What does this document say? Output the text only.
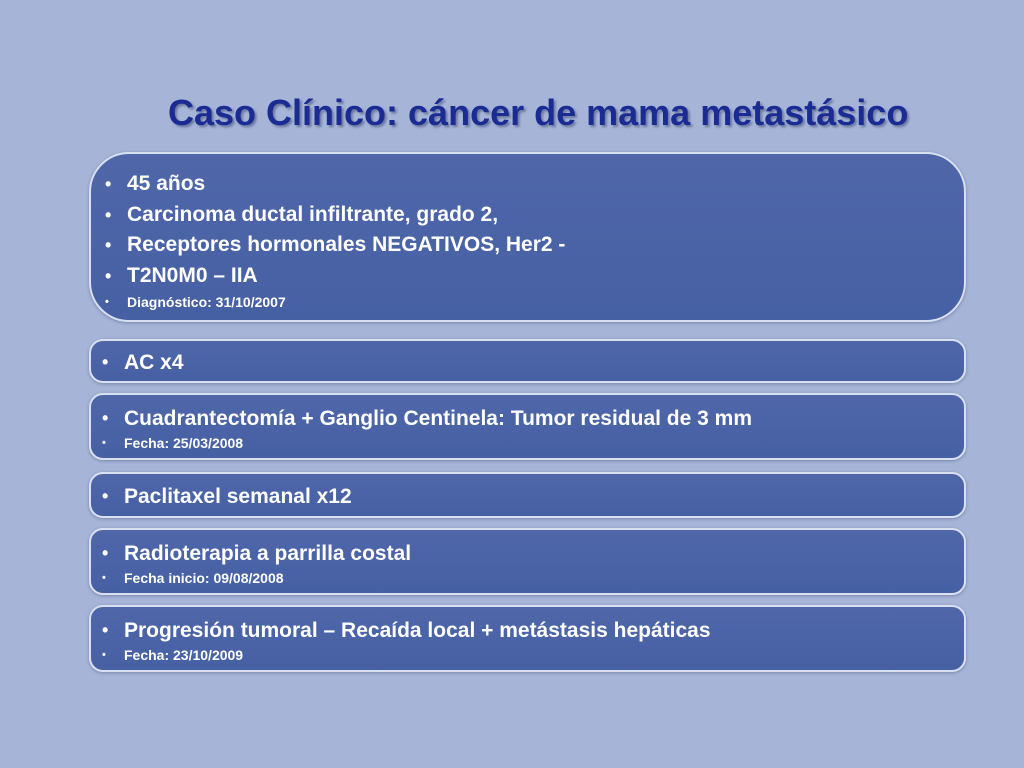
Caso Clínico: cáncer de mama metastásico
• 45 años
• Carcinoma ductal infiltrante, grado 2,
• Receptores hormonales NEGATIVOS, Her2 -
• T2N0M0 – IIA
• Diagnóstico: 31/10/2007
• AC x4
• Cuadrantectomía + Ganglio Centinela: Tumor residual de 3 mm
• Fecha: 25/03/2008
• Paclitaxel semanal x12
• Radioterapia a parrilla costal
• Fecha inicio: 09/08/2008
• Progresión tumoral – Recaída local + metástasis hepáticas
• Fecha: 23/10/2009
